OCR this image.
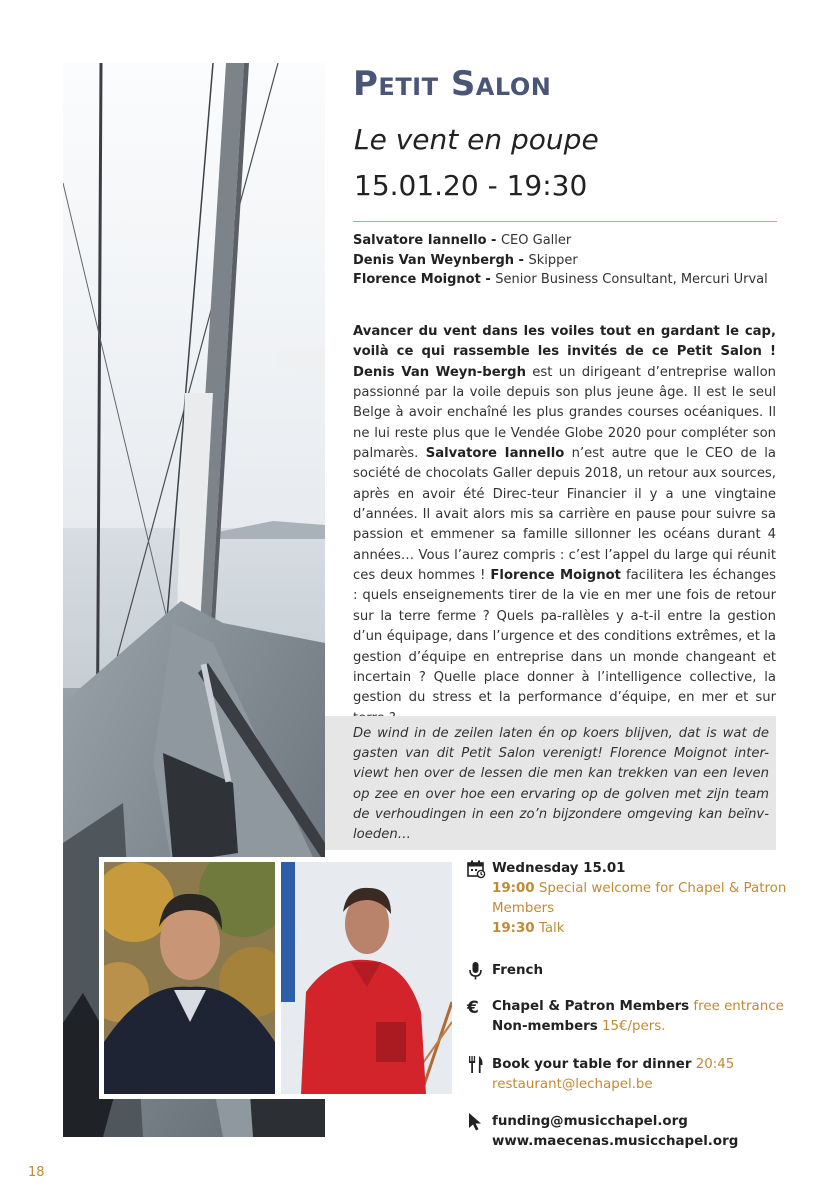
Petit Salon
Le vent en poupe
15.01.20 - 19:30
Salvatore Iannello - CEO Galler
Denis Van Weynbergh - Skipper
Florence Moignot - Senior Business Consultant, Mercuri Urval

Avancer du vent dans les voiles tout en gardant le cap, voilà ce qui rassemble les invités de ce Petit Salon ! Denis Van Weyn-bergh est un dirigeant d’entreprise wallon passionné par la voile depuis son plus jeune âge. Il est le seul Belge à avoir enchaîné les plus grandes courses océaniques. Il ne lui reste plus que le Vendée Globe 2020 pour compléter son palmarès. Salvatore Iannello n’est autre que le CEO de la société de chocolats Galler depuis 2018, un retour aux sources, après en avoir été Direc-teur Financier il y a une vingtaine d’années. Il avait alors mis sa carrière en pause pour suivre sa passion et emmener sa famille sillonner les océans durant 4 années… Vous l’aurez compris : c’est l’appel du large qui réunit ces deux hommes ! Florence Moignot facilitera les échanges : quels enseignements tirer de la vie en mer une fois de retour sur la terre ferme ? Quels pa-rallèles y a-t-il entre la gestion d’un équipage, dans l’urgence et des conditions extrêmes, et la gestion d’équipe en entreprise dans un monde changeant et incertain ? Quelle place donner à l’intelligence collective, la gestion du stress et la performance d’équipe, en mer et sur

De wind in de zeilen laten én op koers blijven, dat is wat de gasten van dit Petit Salon verenigt! Florence Moignot inter-viewt hen over de lessen die men kan trekken van een leven op zee en over hoe een ervaring op de golven met zijn team de verhoudingen in een zo’n bijzondere omgeving kan beïnv-loeden…

Wednesday 15.01
19:00 Special welcome for Chapel & Patron Members
19:30 Talk
French
€ Chapel & Patron Members free entrance
Non-members 15€/pers.
Book your table for dinner 20:45
restaurant@lechapel.be
funding@musicchapel.org
www.maecenas.musicchapel.org
18
